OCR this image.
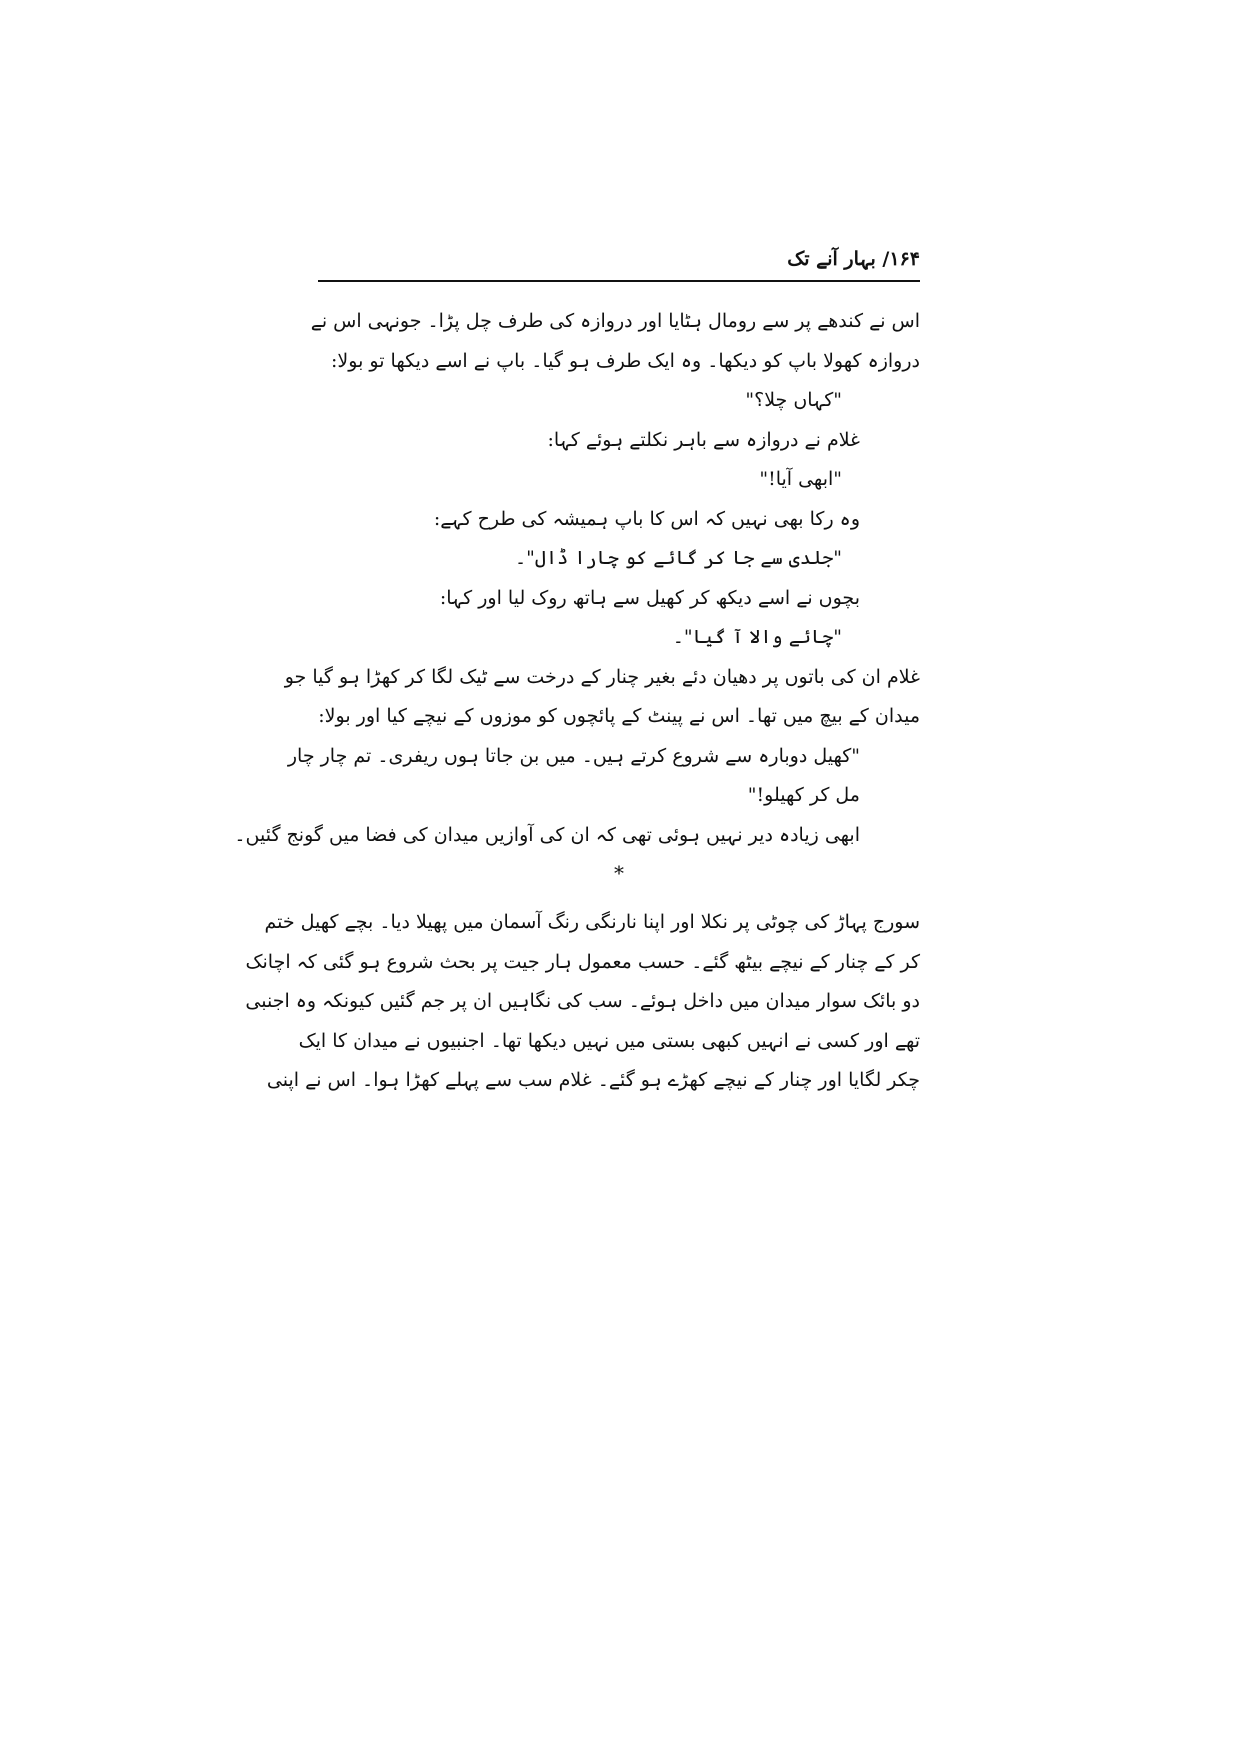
۱۶۴/ بہار آنے تک
اس نے کندھے پر سے رومال ہٹایا اور دروازہ کی طرف چل پڑا۔ جونہی اس نے
دروازہ کھولا باپ کو دیکھا۔ وہ ایک طرف ہو گیا۔ باپ نے اسے دیکھا تو بولا:
"کہاں چلا؟"
غلام نے دروازہ سے باہر نکلتے ہوئے کہا:
"ابھی آیا!"
وہ رکا بھی نہیں کہ اس کا باپ ہمیشہ کی طرح کہے:
"جلدی سے جا کر گائے کو چارا ڈال"۔
بچوں نے اسے دیکھ کر کھیل سے ہاتھ روک لیا اور کہا:
"چائے والا آ گیا"۔
غلام ان کی باتوں پر دھیان دئے بغیر چنار کے درخت سے ٹیک لگا کر کھڑا ہو گیا جو
میدان کے بیچ میں تھا۔ اس نے پینٹ کے پائچوں کو موزوں کے نیچے کیا اور بولا:
"کھیل دوبارہ سے شروع کرتے ہیں۔ میں بن جاتا ہوں ریفری۔ تم چار چار
مل کر کھیلو!"
ابھی زیادہ دیر نہیں ہوئی تھی کہ ان کی آوازیں میدان کی فضا میں گونج گئیں۔
*
سورج پہاڑ کی چوٹی پر نکلا اور اپنا نارنگی رنگ آسمان میں پھیلا دیا۔ بچے کھیل ختم
کر کے چنار کے نیچے بیٹھ گئے۔ حسب معمول ہار جیت پر بحث شروع ہو گئی کہ اچانک
دو بائک سوار میدان میں داخل ہوئے۔ سب کی نگاہیں ان پر جم گئیں کیونکہ وہ اجنبی
تھے اور کسی نے انہیں کبھی بستی میں نہیں دیکھا تھا۔ اجنبیوں نے میدان کا ایک
چکر لگایا اور چنار کے نیچے کھڑے ہو گئے۔ غلام سب سے پہلے کھڑا ہوا۔ اس نے اپنی
